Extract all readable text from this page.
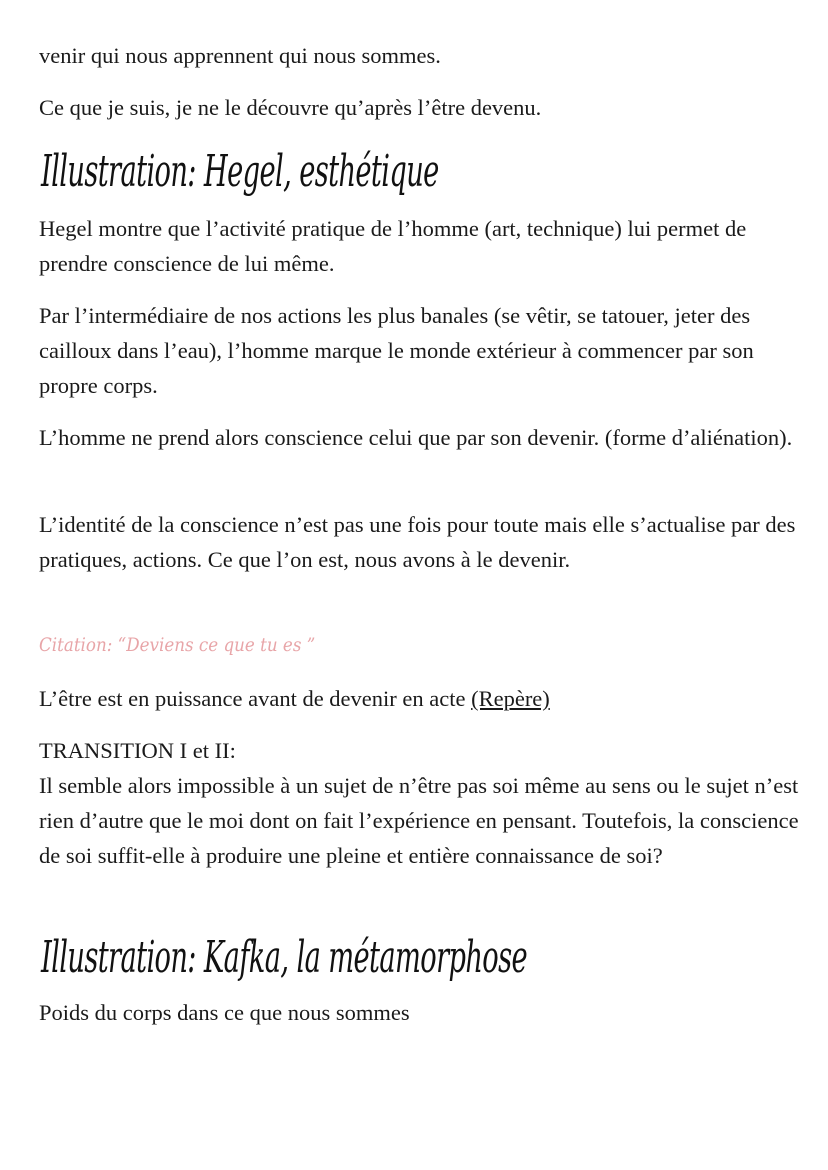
venir qui nous apprennent qui nous sommes.

Ce que je suis, je ne le découvre qu’après l’être devenu.

Illustration: Hegel, esthétique

Hegel montre que l’activité pratique de l’homme (art, technique) lui permet de prendre conscience de lui même.

Par l’intermédiaire de nos actions les plus banales (se vêtir, se tatouer, jeter des cailloux dans l’eau), l’homme marque le monde extérieur à commencer par son propre corps.

L’homme ne prend alors conscience celui que par son devenir. (forme d’aliénation).

L’identité de la conscience n’est pas une fois pour toute mais elle s’actualise par des pratiques, actions. Ce que l’on est, nous avons à le devenir.

Citation: “Deviens ce que tu es ”

L’être est en puissance avant de devenir en acte (Repère)

TRANSITION I et II:

Il semble alors impossible à un sujet de n’être pas soi même au sens ou le sujet n’est rien d’autre que le moi dont on fait l’expérience en pensant. Toutefois, la conscience de soi suffit-elle à produire une pleine et entière connaissance de soi?

Illustration: Kafka, la métamorphose

Poids du corps dans ce que nous sommes
